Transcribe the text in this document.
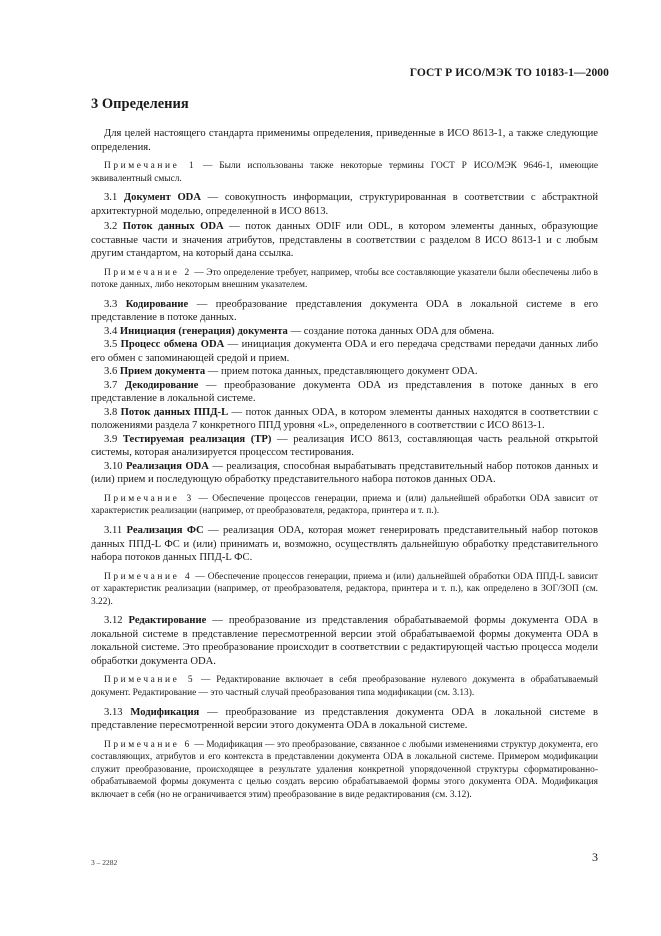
ГОСТ Р ИСО/МЭК ТО 10183-1—2000
3 Определения

Для целей настоящего стандарта применимы определения, приведенные в ИСО 8613-1, а также следующие определения.

Примечание 1 — Были использованы также некоторые термины ГОСТ Р ИСО/МЭК 9646-1, имеющие эквивалентный смысл.

3.1 Документ ODA — совокупность информации, структурированная в соответствии с абстрактной архитектурной моделью, определенной в ИСО 8613.

3.2 Поток данных ODA — поток данных ODIF или ODL, в котором элементы данных, образующие составные части и значения атрибутов, представлены в соответствии с разделом 8 ИСО 8613-1 и с любым другим стандартом, на который дана ссылка.

Примечание 2 — Это определение требует, например, чтобы все составляющие указатели были обеспечены либо в потоке данных, либо некоторым внешним указателем.

3.3 Кодирование — преобразование представления документа ODA в локальной системе в его представление в потоке данных.

3.4 Инициация (генерация) документа — создание потока данных ODA для обмена.

3.5 Процесс обмена ODA — инициация документа ODA и его передача средствами передачи данных либо его обмен с запоминающей средой и прием.

3.6 Прием документа — прием потока данных, представляющего документ ODA.

3.7 Декодирование — преобразование документа ODA из представления в потоке данных в его представление в локальной системе.

3.8 Поток данных ППД-L — поток данных ODA, в котором элементы данных находятся в соответствии с положениями раздела 7 конкретного ППД уровня «L», определенного в соответствии с ИСО 8613-1.

3.9 Тестируемая реализация (ТР) — реализация ИСО 8613, составляющая часть реальной открытой системы, которая анализируется процессом тестирования.

3.10 Реализация ODA — реализация, способная вырабатывать представительный набор потоков данных и (или) прием и последующую обработку представительного набора потоков данных ODA.

Примечание 3 — Обеспечение процессов генерации, приема и (или) дальнейшей обработки ODA зависит от характеристик реализации (например, от преобразователя, редактора, принтера и т. п.).

3.11 Реализация ФС — реализация ODA, которая может генерировать представительный набор потоков данных ППД-L ФС и (или) принимать и, возможно, осуществлять дальнейшую обработку представительного набора потоков данных ППД-L ФС.

Примечание 4 — Обеспечение процессов генерации, приема и (или) дальнейшей обработки ODA ППД-L зависит от характеристик реализации (например, от преобразователя, редактора, принтера и т. п.), как определено в ЗОГ/ЗОП (см. 3.22).

3.12 Редактирование — преобразование из представления обрабатываемой формы документа ODA в локальной системе в представление пересмотренной версии этой обрабатываемой формы документа ODA в локальной системе. Это преобразование происходит в соответствии с редактирующей частью процесса модели обработки документа ODA.

Примечание 5 — Редактирование включает в себя преобразование нулевого документа в обрабатываемый документ. Редактирование — это частный случай преобразования типа модификации (см. 3.13).

3.13 Модификация — преобразование из представления документа ODA в локальной системе в представление пересмотренной версии этого документа ODA в локальной системе.

Примечание 6 — Модификация — это преобразование, связанное с любыми изменениями структур документа, его составляющих, атрибутов и его контекста в представлении документа ODA в локальной системе. Примером модификации служит преобразование, происходящее в результате удаления конкретной упорядоченной структуры сформатированно-обрабатываемой формы документа с целью создать версию обрабатываемой формы этого документа ODA. Модификация включает в себя (но не ограничивается этим) преобразование в виде редактирования (см. 3.12).

3 – 2282	3
